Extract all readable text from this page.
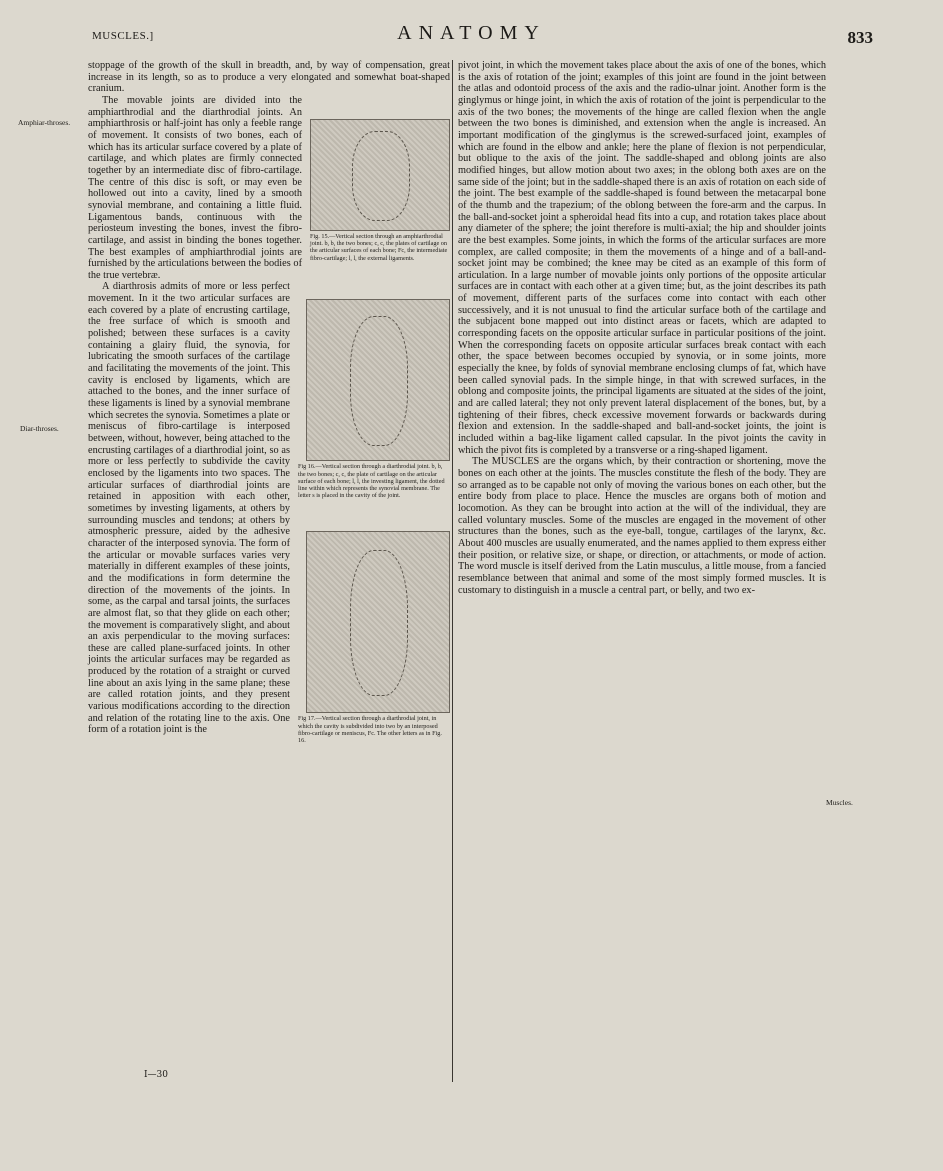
MUSCLES.]	ANATOMY	833
Amphiar-throses.
Diar-throses.
Muscles.

stoppage of the growth of the skull in breadth, and, by way of compensation, great increase in its length, so as to produce a very elongated and somewhat boat-shaped cranium.

Fig. 15.—Vertical section through an amphiarthrodial joint. b, b, the two bones; c, c, the plates of cartilage on the articular surfaces of each bone; Fc, the intermediate fibro-cartilage; l, l, the external ligaments.

The movable joints are divided into the amphiarthrodial and the diarthrodial joints. An amphiarthrosis or half-joint has only a feeble range of movement. It consists of two bones, each of which has its articular surface covered by a plate of cartilage, and which plates are firmly connected together by an intermediate disc of fibro-cartilage. The centre of this disc is soft, or may even be hollowed out into a cavity, lined by a smooth synovial membrane, and containing a little fluid. Ligamentous bands, continuous with the periosteum investing the bones, invest the fibro-cartilage, and assist in binding the bones together. The best examples of amphiarthrodial joints are furnished by the articulations between the bodies of the true vertebræ.

Fig 16.—Vertical section through a diarthrodial joint. b, b, the two bones; c, c, the plate of cartilage on the articular surface of each bone; l, l, the investing ligament, the dotted line within which represents the synovial membrane. The letter s is placed in the cavity of the joint.
Fig 17.—Vertical section through a diarthrodial joint, in which the cavity is subdivided into two by an interposed fibro-cartilage or meniscus, Fc. The other letters as in Fig. 16.

A diarthrosis admits of more or less perfect movement. In it the two articular surfaces are each covered by a plate of encrusting cartilage, the free surface of which is smooth and polished; between these surfaces is a cavity containing a glairy fluid, the synovia, for lubricating the smooth surfaces of the cartilage and facilitating the movements of the joint. This cavity is enclosed by ligaments, which are attached to the bones, and the inner surface of these ligaments is lined by a synovial membrane which secretes the synovia. Sometimes a plate or meniscus of fibro-cartilage is interposed between, without, however, being attached to the encrusting cartilages of a diarthrodial joint, so as more or less perfectly to subdivide the cavity enclosed by the ligaments into two spaces. The articular surfaces of diarthrodial joints are retained in apposition with each other, sometimes by investing ligaments, at others by surrounding muscles and tendons; at others by atmospheric pressure, aided by the adhesive character of the interposed synovia. The form of the articular or movable surfaces varies very materially in different examples of these joints, and the modifications in form determine the direction of the movements of the joints. In some, as the carpal and tarsal joints, the surfaces are almost flat, so that they glide on each other; the movement is comparatively slight, and about an axis perpendicular to the moving surfaces: these are called plane-surfaced joints. In other joints the articular surfaces may be regarded as produced by the rotation of a straight or curved line about an axis lying in the same plane; these are called rotation joints, and they present various modifications according to the direction and relation of the rotating line to the axis. One form of a rotation joint is the

pivot joint, in which the movement takes place about the axis of one of the bones, which is the axis of rotation of the joint; examples of this joint are found in the joint between the atlas and odontoid process of the axis and the radio-ulnar joint. Another form is the ginglymus or hinge joint, in which the axis of rotation of the joint is perpendicular to the axis of the two bones; the movements of the hinge are called flexion when the angle between the two bones is diminished, and extension when the angle is increased. An important modification of the ginglymus is the screwed-surfaced joint, examples of which are found in the elbow and ankle; here the plane of flexion is not perpendicular, but oblique to the axis of the joint. The saddle-shaped and oblong joints are also modified hinges, but allow motion about two axes; in the oblong both axes are on the same side of the joint; but in the saddle-shaped there is an axis of rotation on each side of the joint. The best example of the saddle-shaped is found between the metacarpal bone of the thumb and the trapezium; of the oblong between the fore-arm and the carpus. In the ball-and-socket joint a spheroidal head fits into a cup, and rotation takes place about any diameter of the sphere; the joint therefore is multi-axial; the hip and shoulder joints are the best examples. Some joints, in which the forms of the articular surfaces are more complex, are called composite; in them the movements of a hinge and of a ball-and-socket joint may be combined; the knee may be cited as an example of this form of articulation. In a large number of movable joints only portions of the opposite articular surfaces are in contact with each other at a given time; but, as the joint describes its path of movement, different parts of the surfaces come into contact with each other successively, and it is not unusual to find the articular surface both of the cartilage and the subjacent bone mapped out into distinct areas or facets, which are adapted to corresponding facets on the opposite articular surface in particular positions of the joint. When the corresponding facets on opposite articular surfaces break contact with each other, the space between becomes occupied by synovia, or in some joints, more especially the knee, by folds of synovial membrane enclosing clumps of fat, which have been called synovial pads. In the simple hinge, in that with screwed surfaces, in the oblong and composite joints, the principal ligaments are situated at the sides of the joint, and are called lateral; they not only prevent lateral displacement of the bones, but, by a tightening of their fibres, check excessive movement forwards or backwards during flexion and extension. In the saddle-shaped and ball-and-socket joints, the joint is included within a bag-like ligament called capsular. In the pivot joints the cavity in which the pivot fits is completed by a transverse or a ring-shaped ligament.

The MUSCLES are the organs which, by their contraction or shortening, move the bones on each other at the joints. The muscles constitute the flesh of the body. They are so arranged as to be capable not only of moving the various bones on each other, but the entire body from place to place. Hence the muscles are organs both of motion and locomotion. As they can be brought into action at the will of the individual, they are called voluntary muscles. Some of the muscles are engaged in the movement of other structures than the bones, such as the eye-ball, tongue, cartilages of the larynx, &c. About 400 muscles are usually enumerated, and the names applied to them express either their position, or relative size, or shape, or direction, or attachments, or mode of action. The word muscle is itself derived from the Latin musculus, a little mouse, from a fancied resemblance between that animal and some of the most simply formed muscles. It is customary to distinguish in a muscle a central part, or belly, and two ex-

I—30
